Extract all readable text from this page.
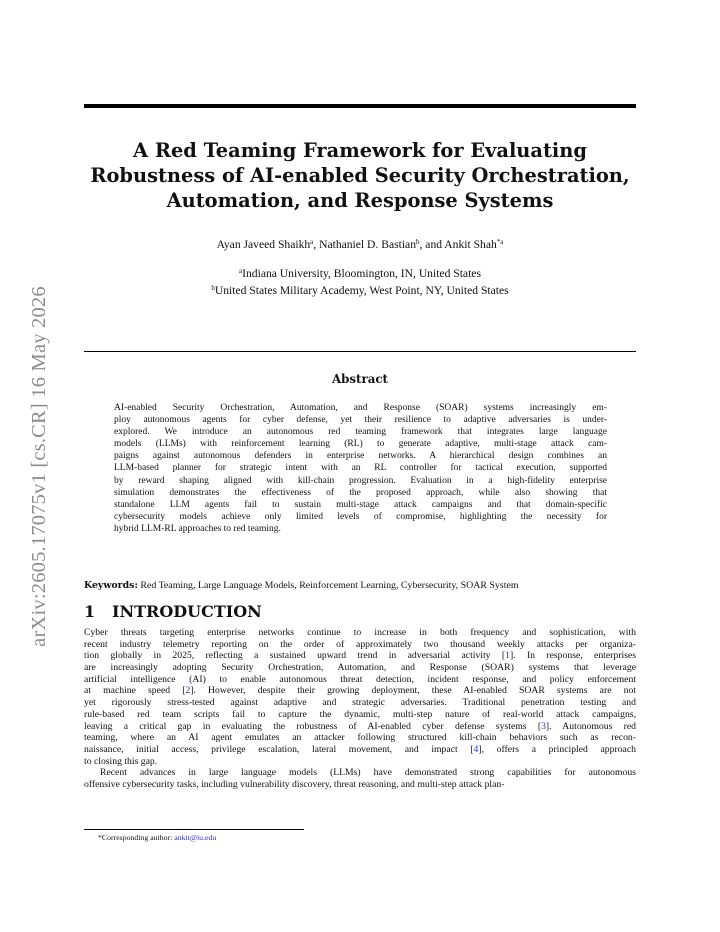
arXiv:2605.17075v1 [cs.CR] 16 May 2026
A Red Teaming Framework for Evaluating Robustness of AI-enabled Security Orchestration, Automation, and Response Systems
Ayan Javeed Shaikh$^a$, Nathaniel D. Bastian$^b$, and Ankit Shah$^{*a}$
$^a$Indiana University, Bloomington, IN, United States
$^b$United States Military Academy, West Point, NY, United States
Abstract
AI-enabled Security Orchestration, Automation, and Response (SOAR) systems increasingly em-
ploy autonomous agents for cyber defense, yet their resilience to adaptive adversaries is under-
explored. We introduce an autonomous red teaming framework that integrates large language
models (LLMs) with reinforcement learning (RL) to generate adaptive, multi-stage attack cam-
paigns against autonomous defenders in enterprise networks. A hierarchical design combines an
LLM-based planner for strategic intent with an RL controller for tactical execution, supported
by reward shaping aligned with kill-chain progression. Evaluation in a high-fidelity enterprise
simulation demonstrates the effectiveness of the proposed approach, while also showing that
standalone LLM agents fail to sustain multi-stage attack campaigns and that domain-specific
cybersecurity models achieve only limited levels of compromise, highlighting the necessity for
hybrid LLM-RL approaches to red teaming.
Keywords: Red Teaming, Large Language Models, Reinforcement Learning, Cybersecurity, SOAR System
1 INTRODUCTION
Cyber threats targeting enterprise networks continue to increase in both frequency and sophistication, with
recent industry telemetry reporting on the order of approximately two thousand weekly attacks per organiza-
tion globally in 2025, reflecting a sustained upward trend in adversarial activity [1]. In response, enterprises
are increasingly adopting Security Orchestration, Automation, and Response (SOAR) systems that leverage
artificial intelligence (AI) to enable autonomous threat detection, incident response, and policy enforcement
at machine speed [2]. However, despite their growing deployment, these AI-enabled SOAR systems are not
yet rigorously stress-tested against adaptive and strategic adversaries. Traditional penetration testing and
rule-based red team scripts fail to capture the dynamic, multi-step nature of real-world attack campaigns,
leaving a critical gap in evaluating the robustness of AI-enabled cyber defense systems [3]. Autonomous red
teaming, where an AI agent emulates an attacker following structured kill-chain behaviors such as recon-
naissance, initial access, privilege escalation, lateral movement, and impact [4], offers a principled approach
to closing this gap.
Recent advances in large language models (LLMs) have demonstrated strong capabilities for autonomous
offensive cybersecurity tasks, including vulnerability discovery, threat reasoning, and multi-step attack plan-
*Corresponding author: ankit@iu.edu
